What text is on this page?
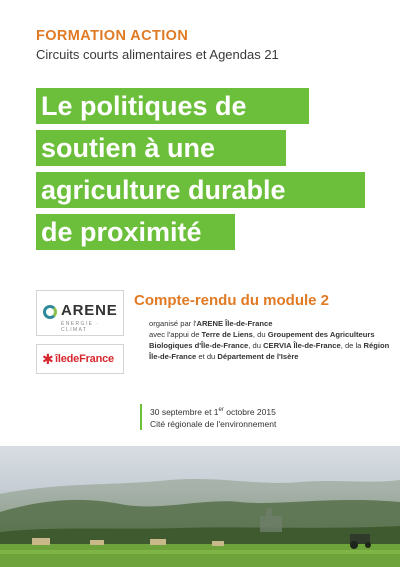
FORMATION ACTION
Circuits courts alimentaires et Agendas 21
Le politiques de
soutien à une
agriculture durable
de proximité
ARENE
ÉNERGIE · CLIMAT
✱ îledeFrance
Compte-rendu du module 2
organisé par l'ARENE Île-de-France
avec l'appui de Terre de Liens, du Groupement des Agriculteurs Biologiques d'Île-de-France, du CERVIA Île-de-France, de la Région Île-de-France et du Département de l'Isère
30 septembre et 1er octobre 2015
Cité régionale de l'environnement
